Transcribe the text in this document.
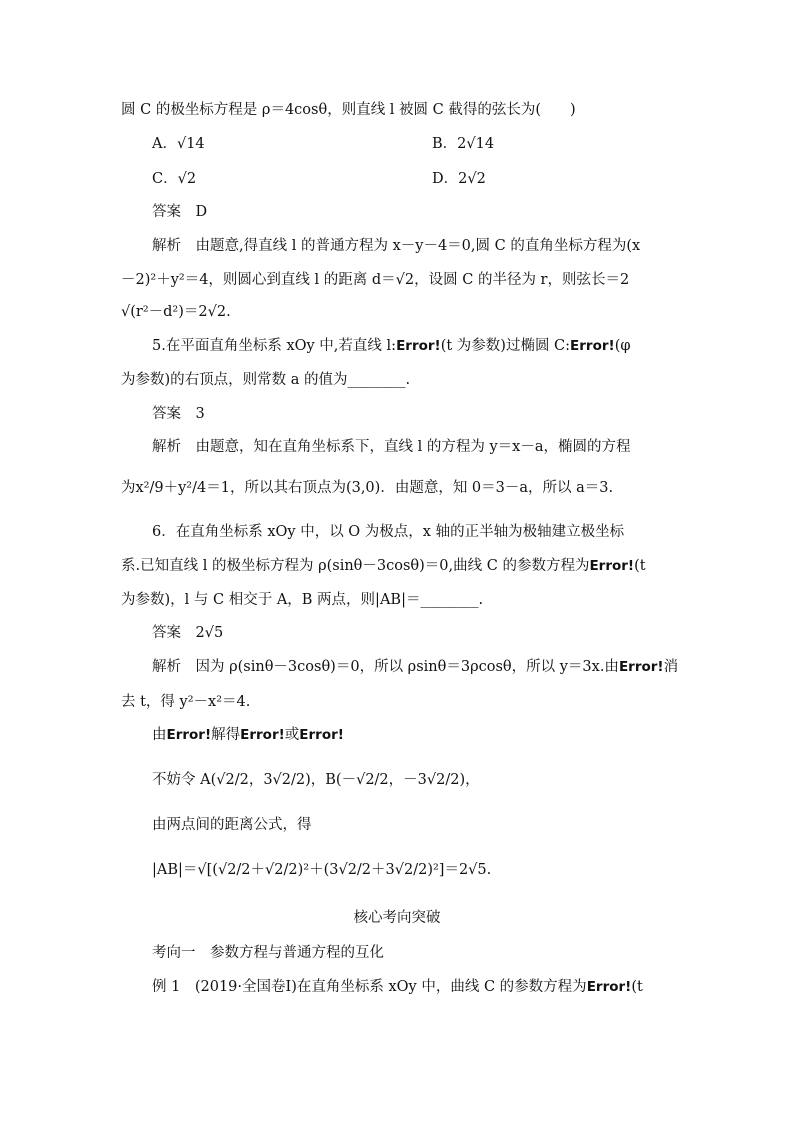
圆 C 的极坐标方程是 ρ＝4cosθ，则直线 l 被圆 C 截得的弦长为(　　)
A．√14	B．2√14
C．√2	D．2√2
答案　D
解析　由题意,得直线 l 的普通方程为 x－y－4＝0,圆 C 的直角坐标方程为(x
－2)²＋y²＝4，则圆心到直线 l 的距离 d＝√2，设圆 C 的半径为 r，则弦长＝2
√(r²－d²)＝2√2.
5.在平面直角坐标系 xOy 中,若直线 l:Error!(t 为参数)过椭圆 C:Error!(φ
为参数)的右顶点，则常数 a 的值为________.
答案　3
解析　由题意，知在直角坐标系下，直线 l 的方程为 y＝x－a，椭圆的方程
为x²/9＋y²/4＝1，所以其右顶点为(3,0)．由题意，知 0＝3－a，所以 a＝3.
6．在直角坐标系 xOy 中，以 O 为极点，x 轴的正半轴为极轴建立极坐标
系.已知直线 l 的极坐标方程为 ρ(sinθ－3cosθ)＝0,曲线 C 的参数方程为Error!(t
为参数)，l 与 C 相交于 A，B 两点，则|AB|＝________.
答案　2√5
解析　因为 ρ(sinθ－3cosθ)＝0，所以 ρsinθ＝3ρcosθ，所以 y＝3x.由Error!消
去 t，得 y²－x²＝4.
由Error!解得Error!或Error!
不妨令 A(√2/2，3√2/2)，B(－√2/2，－3√2/2)，
由两点间的距离公式，得
|AB|＝√[(√2/2＋√2/2)²＋(3√2/2＋3√2/2)²]＝2√5.
核心考向突破
考向一　参数方程与普通方程的互化
例 1　(2019·全国卷Ⅰ)在直角坐标系 xOy 中，曲线 C 的参数方程为Error!(t
